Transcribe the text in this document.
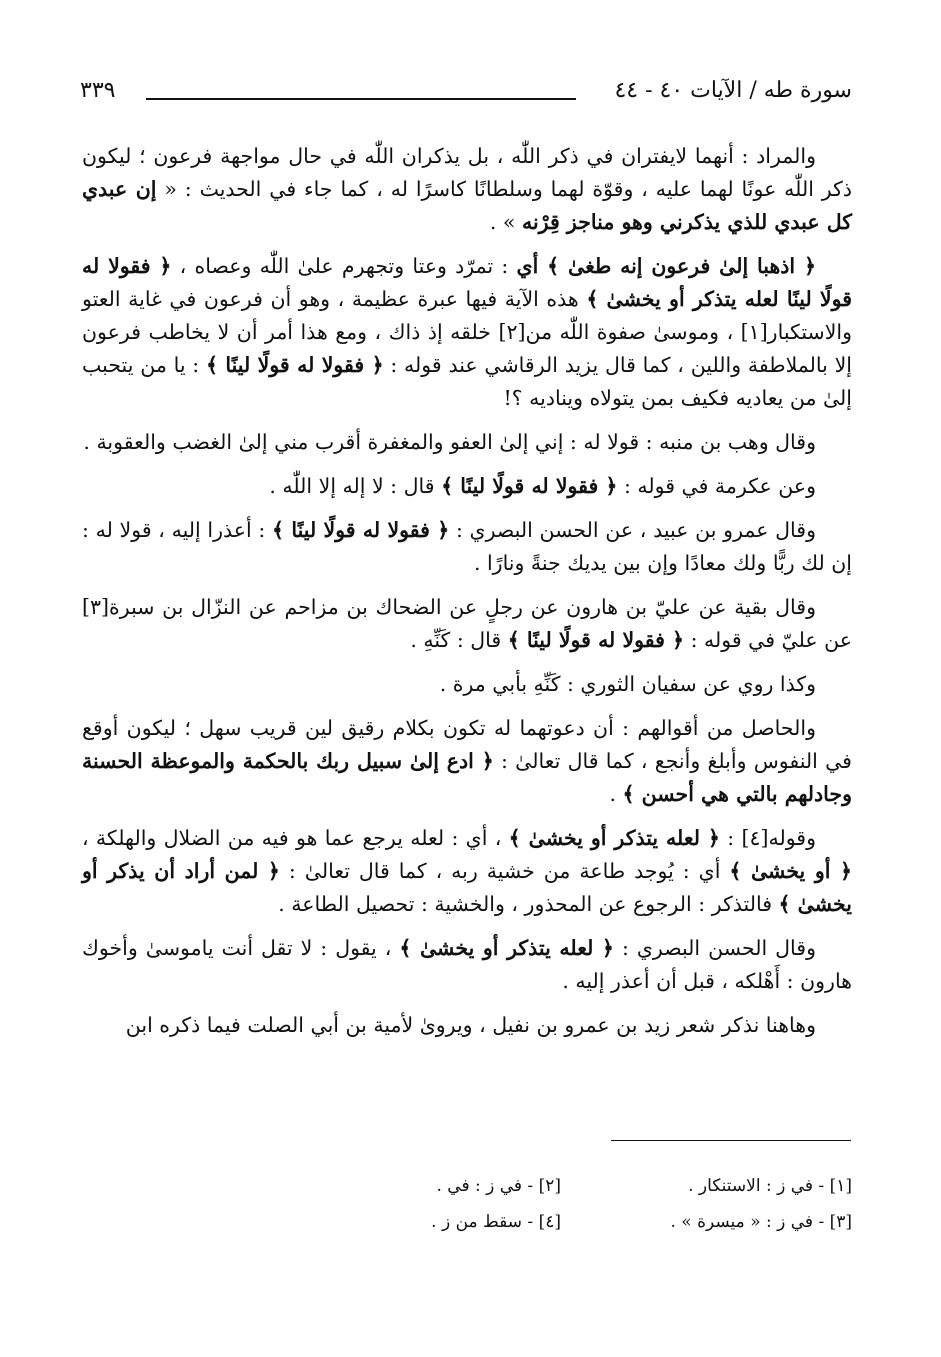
سورة طه / الآيات ٤٠ - ٤٤
٣٣٩

والمراد : أنهما لايفتران في ذكر اللّٰه ، بل يذكران اللّٰه في حال مواجهة فرعون ؛ ليكون ذكر اللّٰه عونًا لهما عليه ، وقوّة لهما وسلطانًا كاسرًا له ، كما جاء في الحديث : « إن عبدي كل عبدي للذي يذكرني وهو مناجز قِرْنه » .

﴿ اذهبا إلىٰ فرعون إنه طغىٰ ﴾ أي : تمرّد وعتا وتجهرم علىٰ اللّٰه وعصاه ، ﴿ فقولا له قولًا لينًا لعله يتذكر أو يخشىٰ ﴾ هذه الآية فيها عبرة عظيمة ، وهو أن فرعون في غاية العتو والاستكبار[١] ، وموسىٰ صفوة اللّٰه من[٢] خلقه إذ ذاك ، ومع هذا أمر أن لا يخاطب فرعون إلا بالملاطفة واللين ، كما قال يزيد الرقاشي عند قوله : ﴿ فقولا له قولًا لينًا ﴾ : يا من يتحبب إلىٰ من يعاديه فكيف بمن يتولاه ويناديه ؟!

وقال وهب بن منبه : قولا له : إني إلىٰ العفو والمغفرة أقرب مني إلىٰ الغضب والعقوبة .

وعن عكرمة في قوله : ﴿ فقولا له قولًا لينًا ﴾ قال : لا إله إلا اللّٰه .

وقال عمرو بن عبيد ، عن الحسن البصري : ﴿ فقولا له قولًا لينًا ﴾ : أعذرا إليه ، قولا له : إن لك ربًّا ولك معادًا وإن بين يديك جنةً ونارًا .

وقال بقية عن عليّ بن هارون عن رجلٍ عن الضحاك بن مزاحم عن النزّال بن سبرة[٣] عن عليّ في قوله : ﴿ فقولا له قولًا لينًا ﴾ قال : كَنِّهِ .

وكذا روي عن سفيان الثوري : كَنِّهِ بأبي مرة .

والحاصل من أقوالهم : أن دعوتهما له تكون بكلام رقيق لين قريب سهل ؛ ليكون أوقع في النفوس وأبلغ وأنجع ، كما قال تعالىٰ : ﴿ ادع إلىٰ سبيل ربك بالحكمة والموعظة الحسنة وجادلهم بالتي هي أحسن ﴾ .

وقوله[٤] : ﴿ لعله يتذكر أو يخشىٰ ﴾ ، أي : لعله يرجع عما هو فيه من الضلال والهلكة ، ﴿ أو يخشىٰ ﴾ أي : يُوجد طاعة من خشية ربه ، كما قال تعالىٰ : ﴿ لمن أراد أن يذكر أو يخشىٰ ﴾ فالتذكر : الرجوع عن المحذور ، والخشية : تحصيل الطاعة .

وقال الحسن البصري : ﴿ لعله يتذكر أو يخشىٰ ﴾ ، يقول : لا تقل أنت ياموسىٰ وأخوك هارون : أَهْلكه ، قبل أن أعذر إليه .

وهاهنا نذكر شعر زيد بن عمرو بن نفيل ، ويروىٰ لأمية بن أبي الصلت فيما ذكره ابن

[١] - في ز : الاستنكار .
[٢] - في ز : في .
[٣] - في ز : « ميسرة » .
[٤] - سقط من ز .
